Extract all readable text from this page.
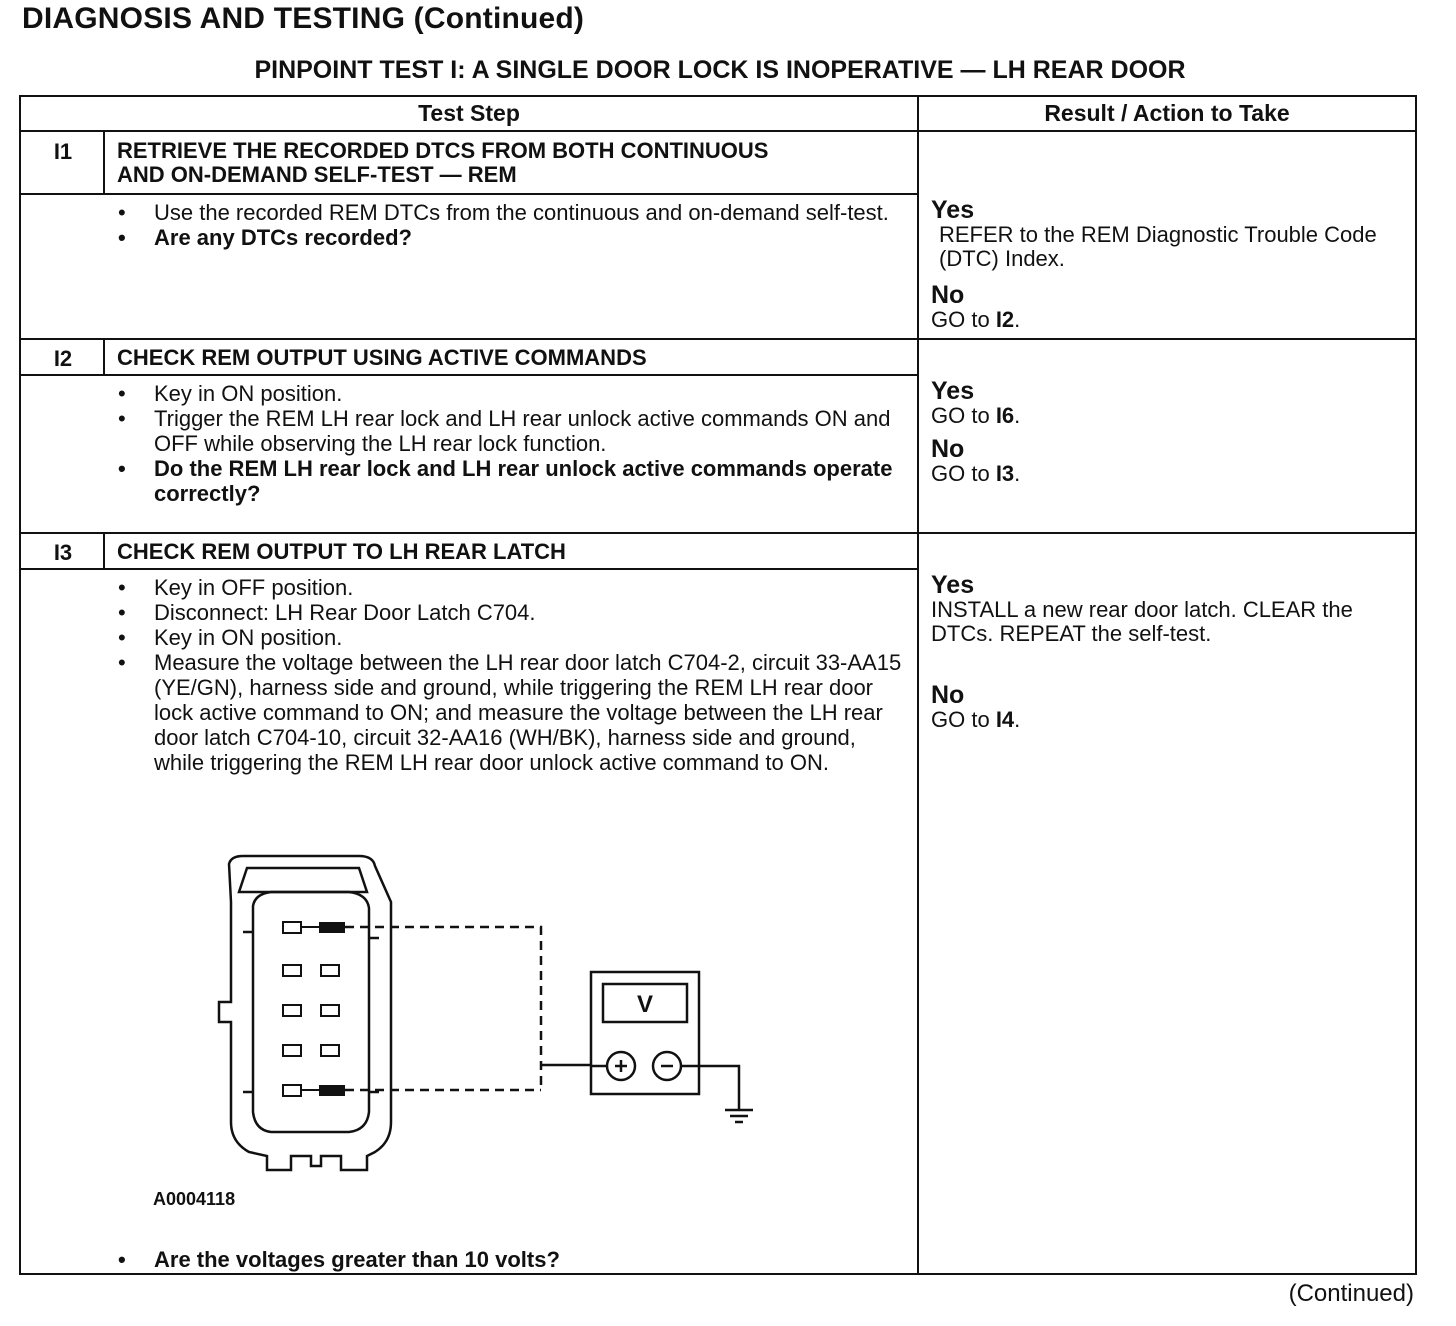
DIAGNOSIS AND TESTING (Continued)
PINPOINT TEST I: A SINGLE DOOR LOCK IS INOPERATIVE — LH REAR DOOR
Test Step	Result / Action to Take
I1	RETRIEVE THE RECORDED DTCS FROM BOTH CONTINUOUS
AND ON-DEMAND SELF-TEST — REM
• Use the recorded REM DTCs from the continuous and on-demand self-test.
• Are any DTCs recorded?
Yes
REFER to the REM Diagnostic Trouble Code (DTC) Index.
No
GO to I2.
I2	CHECK REM OUTPUT USING ACTIVE COMMANDS
• Key in ON position.
• Trigger the REM LH rear lock and LH rear unlock active commands ON and OFF while observing the LH rear lock function.
• Do the REM LH rear lock and LH rear unlock active commands operate correctly?
Yes
GO to I6.
No
GO to I3.
I3	CHECK REM OUTPUT TO LH REAR LATCH
• Key in OFF position.
• Disconnect: LH Rear Door Latch C704.
• Key in ON position.
• Measure the voltage between the LH rear door latch C704-2, circuit 33-AA15 (YE/GN), harness side and ground, while triggering the REM LH rear door lock active command to ON; and measure the voltage between the LH rear door latch C704-10, circuit 32-AA16 (WH/BK), harness side and ground, while triggering the REM LH rear door unlock active command to ON.
V
A0004118
• Are the voltages greater than 10 volts?
Yes
INSTALL a new rear door latch. CLEAR the DTCs. REPEAT the self-test.
No
GO to I4.
(Continued)
